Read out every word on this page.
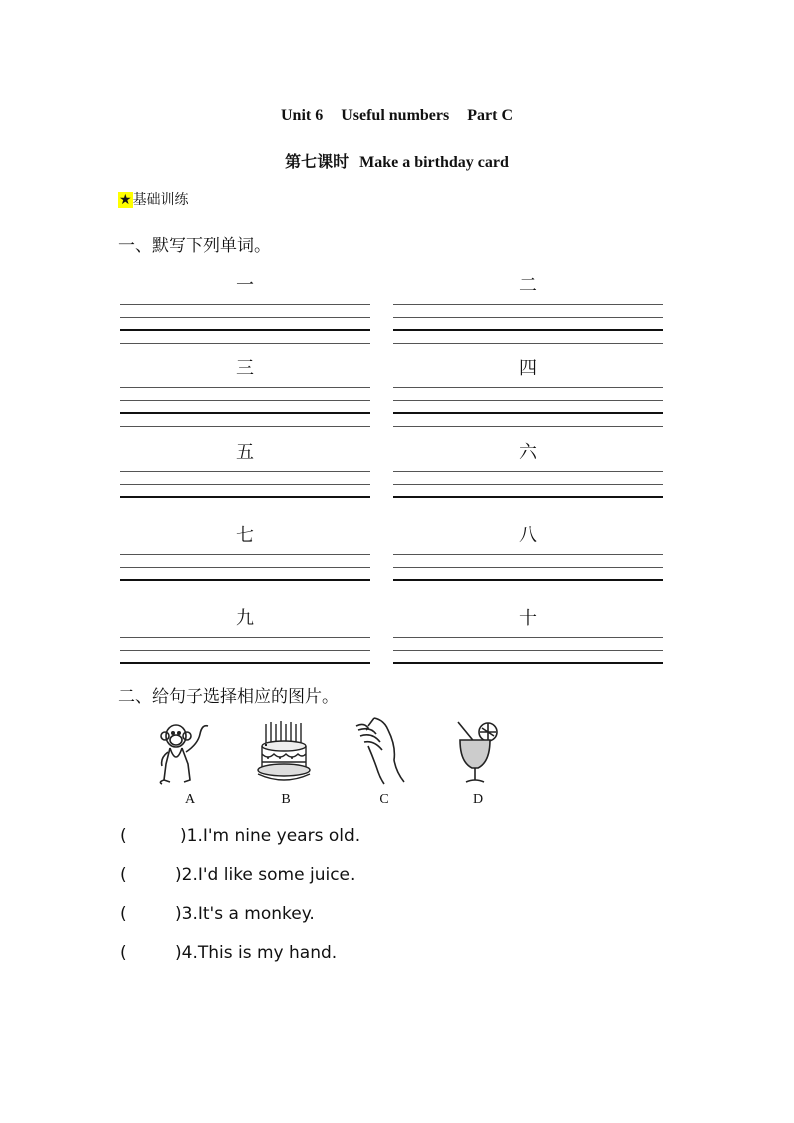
Unit 6 Useful numbers Part C
第七课时 Make a birthday card
★基础训练
一、默写下列单词。
一	二
三	四
五	六
七	八
九	十
二、给句子选择相应的图片。
A	B	C	D
(	)1.I'm nine years old.
(	)2.I'd like some juice.
(	)3.It's a monkey.
(	)4.This is my hand.
